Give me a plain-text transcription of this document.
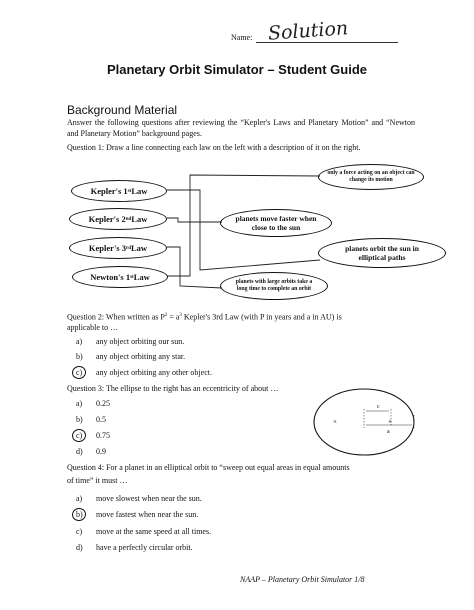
Name: Solution
Planetary Orbit Simulator – Student Guide
Background Material
Answer the following questions after reviewing the “Kepler's Laws and Planetary Motion” and “Newton and Planetary Motion” background pages.
Question 1: Draw a line connecting each law on the left with a description of it on the right.
Kepler's 1 st Law
Kepler's 2 nd Law
Kepler's 3 rd Law
Newton's 1 st Law
only a force acting on an object can change its motion
planets move faster when close to the sun
planets orbit the sun in elliptical paths
planets with large orbits take a long time to complete an orbit
Question 2: When written as $P^2 = a^3$ Kepler's 3rd Law (with P in years and a in AU) is
applicable to …
a) any object orbiting our sun.
b) any object orbiting any star.
c) any object orbiting any other object.
Question 3: The ellipse to the right has an eccentricity of about …
a) 0.25
b) 0.5
c) 0.75
d) 0.9
×	×
c
a
Question 4: For a planet in an elliptical orbit to “sweep out equal areas in equal amounts
of time” it must …
a) move slowest when near the sun.
b) move fastest when near the sun.
c) move at the same speed at all times.
d) have a perfectly circular orbit.
NAAP – Planetary Orbit Simulator 1/8
